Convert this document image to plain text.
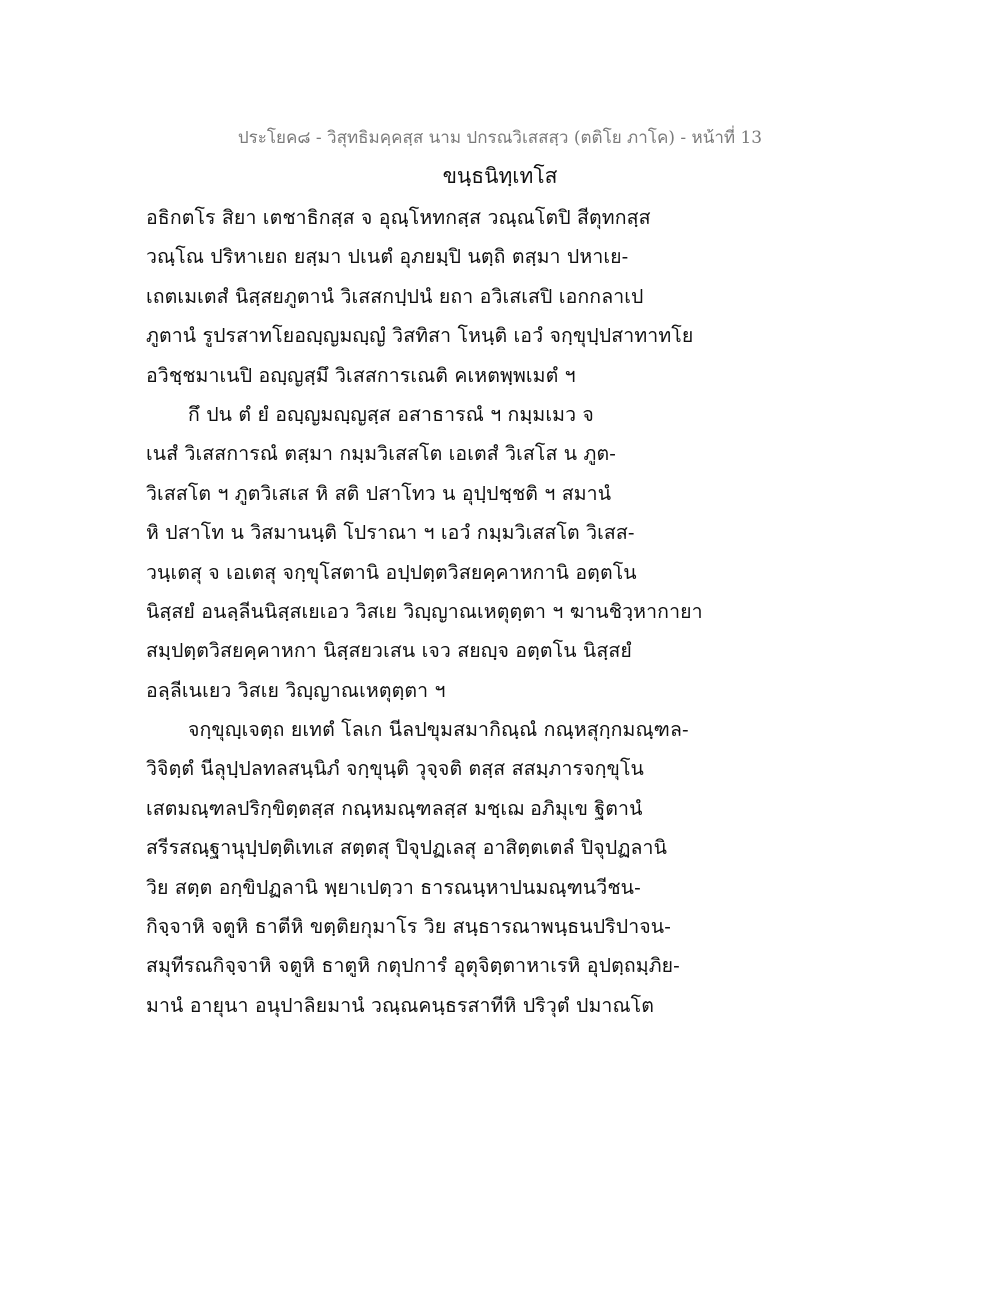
ประโยค๘ - วิสุทธิมคฺคสฺส นาม ปกรณวิเสสสฺว (ตติโย ภาโค) - หน้าที่ 13
ขนฺธนิทฺเทโส
อธิกตโร สิยา เตชาธิกสฺส จ อุณฺโหทกสฺส วณฺณโตปิ สีตุทกสฺส
วณฺโณ ปริหาเยถ ยสฺมา ปเนตํ อุภยมฺปิ นตฺถิ ตสฺมา ปหาเย-
เถตเมเตสํ นิสฺสยภูตานํ วิเสสกปฺปนํ ยถา อวิเสเสปิ เอกกลาเป
ภูตานํ รูปรสาทโยอญฺญมญฺญํ วิสทิสา โหนฺติ เอวํ จกฺขุปฺปสาทาทโย
อวิชฺชมาเนปิ อญฺญสฺมึ วิเสสการเณติ คเหตพฺพเมตํ ฯ
กึ ปน ตํ ยํ อญฺญมญฺญสฺส อสาธารณํ ฯ กมฺมเมว จ
เนสํ วิเสสการณํ ตสฺมา กมฺมวิเสสโต เอเตสํ วิเสโส น ภูต-
วิเสสโต ฯ ภูตวิเสเส หิ สติ ปสาโทว น อุปฺปชฺชติ ฯ สมานํ
หิ ปสาโท น วิสมานนฺติ โปราณา ฯ เอวํ กมฺมวิเสสโต วิเสส-
วนฺเตสุ จ เอเตสุ จกฺขุโสตานิ อปฺปตฺตวิสยคฺคาหกานิ อตฺตโน
นิสฺสยํ อนลฺลีนนิสฺสเยเอว วิสเย วิญฺญาณเหตุตฺตา ฯ ฆานชิวฺหากายา
สมฺปตฺตวิสยคฺคาหกา นิสฺสยวเสน เจว สยญฺจ อตฺตโน นิสฺสยํ
อลฺลีเนเยว วิสเย วิญฺญาณเหตุตฺตา ฯ
จกฺขุญฺเจตฺถ ยเทตํ โลเก นีลปขุมสมากิณฺณํ กณฺหสุกฺกมณฺฑล-
วิจิตฺตํ นีลุปฺปลทลสนฺนิภํ จกฺขุนฺติ วุจฺจติ ตสฺส สสมฺภารจกฺขุโน
เสตมณฺฑลปริกฺขิตฺตสฺส กณฺหมณฺฑลสฺส มชฺเฌ อภิมุเข ฐิตานํ
สรีรสณฺฐานุปฺปตฺติเทเส สตฺตสุ ปิจุปฏเลสุ อาสิตฺตเตลํ ปิจุปฏลานิ
วิย สตฺต อกฺขิปฏลานิ พฺยาเปตฺวา ธารณนฺหาปนมณฺฑนวีชน-
กิจฺจาหิ จตูหิ ธาตีหิ ขตฺติยกุมาโร วิย สนฺธารณาพนฺธนปริปาจน-
สมุทีรณกิจฺจาหิ จตูหิ ธาตูหิ กตุปการํ อุตุจิตฺตาหาเรหิ อุปตฺถมฺภิย-
มานํ อายุนา อนุปาลิยมานํ วณฺณคนฺธรสาทีหิ ปริวุตํ ปมาณโต
